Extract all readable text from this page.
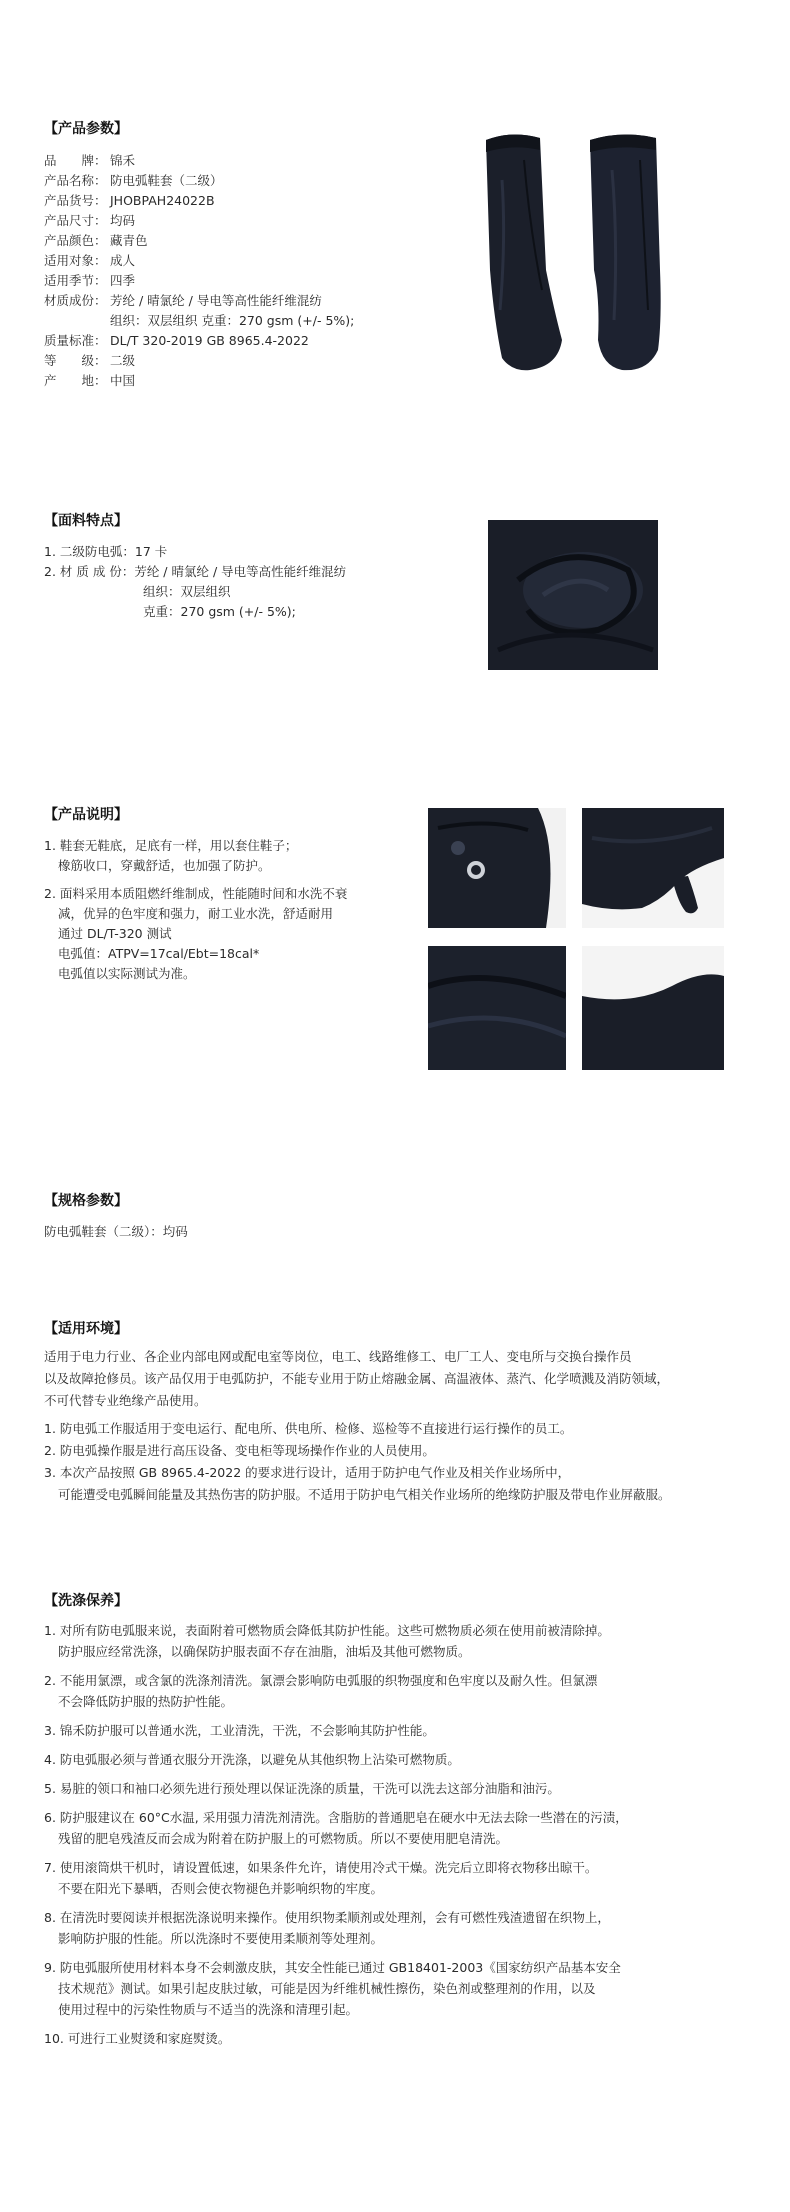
【产品参数】
品　　牌： 锦禾
产品名称： 防电弧鞋套（二级）
产品货号： JHOBPAH24022B
产品尺寸： 均码
产品颜色： 藏青色
适用对象： 成人
适用季节： 四季
材质成份： 芳纶 / 晴氯纶 / 导电等高性能纤维混纺
组织：双层组织 克重：270 gsm (+/- 5%);
质量标准： DL/T 320-2019 GB 8965.4-2022
等　　级： 二级
产　　地： 中国
【面料特点】
1. 二级防电弧：17 卡
2. 材 质 成 份：芳纶 / 晴氯纶 / 导电等高性能纤维混纺
组织：双层组织
克重：270 gsm (+/- 5%);
【产品说明】
1. 鞋套无鞋底，足底有一样，用以套住鞋子；
橡筋收口，穿戴舒适，也加强了防护。
2. 面料采用本质阻燃纤维制成，性能随时间和水洗不衰
减，优异的色牢度和强力，耐工业水洗，舒适耐用
通过 DL/T-320 测试
电弧值：ATPV=17cal/Ebt=18cal*
电弧值以实际测试为准。
【规格参数】
防电弧鞋套（二级）：均码
【适用环境】
适用于电力行业、各企业内部电网或配电室等岗位，电工、线路维修工、电厂工人、变电所与交换台操作员
以及故障抢修员。该产品仅用于电弧防护，不能专业用于防止熔融金属、高温液体、蒸汽、化学喷溅及消防领域，
不可代替专业绝缘产品使用。
1. 防电弧工作服适用于变电运行、配电所、供电所、检修、巡检等不直接进行运行操作的员工。
2. 防电弧操作服是进行高压设备、变电柜等现场操作作业的人员使用。
3. 本次产品按照 GB 8965.4-2022 的要求进行设计，适用于防护电气作业及相关作业场所中，
可能遭受电弧瞬间能量及其热伤害的防护服。不适用于防护电气相关作业场所的绝缘防护服及带电作业屏蔽服。
【洗涤保养】
1. 对所有防电弧服来说，表面附着可燃物质会降低其防护性能。这些可燃物质必须在使用前被清除掉。
防护服应经常洗涤，以确保防护服表面不存在油脂，油垢及其他可燃物质。
2. 不能用氯漂，或含氯的洗涤剂清洗。氯漂会影响防电弧服的织物强度和色牢度以及耐久性。但氯漂
不会降低防护服的热防护性能。
3. 锦禾防护服可以普通水洗，工业清洗，干洗，不会影响其防护性能。
4. 防电弧服必须与普通衣服分开洗涤，以避免从其他织物上沾染可燃物质。
5. 易脏的领口和袖口必须先进行预处理以保证洗涤的质量，干洗可以洗去这部分油脂和油污。
6. 防护服建议在 60°C水温, 采用强力清洗剂清洗。含脂肪的普通肥皂在硬水中无法去除一些潜在的污渍，
残留的肥皂残渣反而会成为附着在防护服上的可燃物质。所以不要使用肥皂清洗。
7. 使用滚筒烘干机时，请设置低速，如果条件允许，请使用冷式干燥。洗完后立即将衣物移出晾干。
不要在阳光下暴晒，否则会使衣物褪色并影响织物的牢度。
8. 在清洗时要阅读并根据洗涤说明来操作。使用织物柔顺剂或处理剂，会有可燃性残渣遗留在织物上，
影响防护服的性能。所以洗涤时不要使用柔顺剂等处理剂。
9. 防电弧服所使用材料本身不会刺激皮肤，其安全性能已通过 GB18401-2003《国家纺织产品基本安全
技术规范》测试。如果引起皮肤过敏，可能是因为纤维机械性擦伤，染色剂或整理剂的作用，以及
使用过程中的污染性物质与不适当的洗涤和清理引起。
10. 可进行工业熨烫和家庭熨烫。
